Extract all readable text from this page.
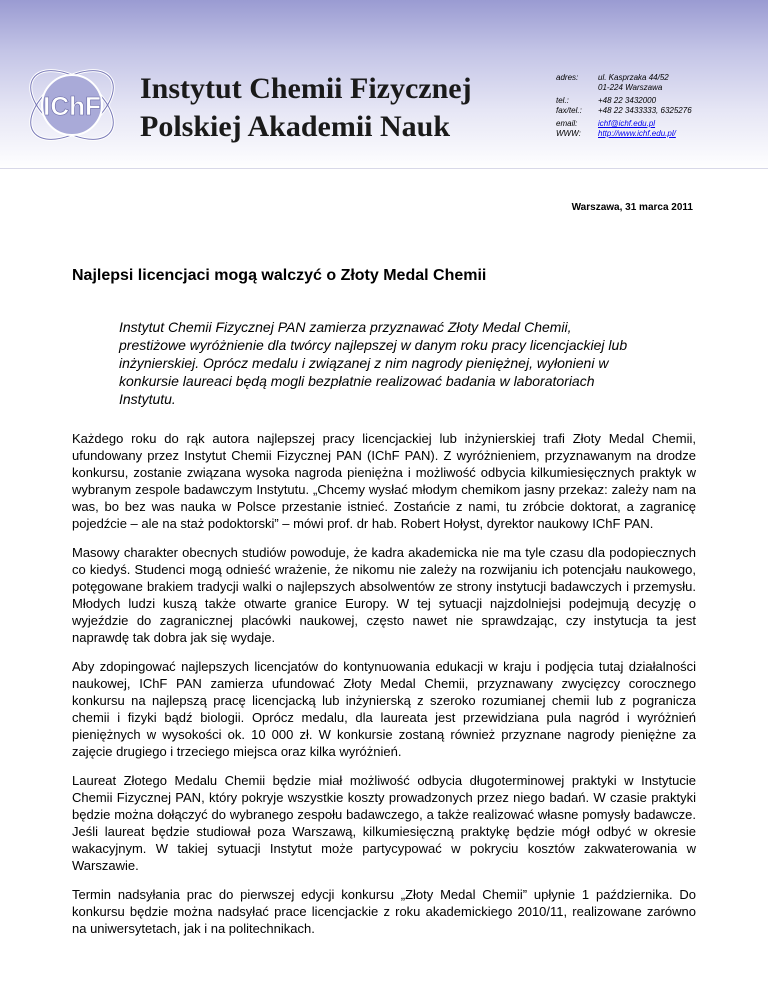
IChF
Instytut Chemii Fizycznej
Polskiej Akademii Nauk
adres:	ul. Kasprzaka 44/52
01-224 Warszawa
tel.:	+48 22 3432000
fax/tel.:	+48 22 3433333, 6325276
email:	ichf@ichf.edu.pl
WWW:	http://www.ichf.edu.pl/
Warszawa, 31 marca 2011
Najlepsi licencjaci mogą walczyć o Złoty Medal Chemii

Instytut Chemii Fizycznej PAN zamierza przyznawać Złoty Medal Chemii, prestiżowe wyróżnienie dla twórcy najlepszej w danym roku pracy licencjackiej lub inżynierskiej. Oprócz medalu i związanej z nim nagrody pieniężnej, wyłonieni w konkursie laureaci będą mogli bezpłatnie realizować badania w laboratoriach Instytutu.

Każdego roku do rąk autora najlepszej pracy licencjackiej lub inżynierskiej trafi Złoty Medal Chemii, ufundowany przez Instytut Chemii Fizycznej PAN (IChF PAN). Z wyróżnieniem, przyznawanym na drodze konkursu, zostanie związana wysoka nagroda pieniężna i możliwość odbycia kilkumiesięcznych praktyk w wybranym zespole badawczym Instytutu. „Chcemy wysłać młodym chemikom jasny przekaz: zależy nam na was, bo bez was nauka w Polsce przestanie istnieć. Zostańcie z nami, tu zróbcie doktorat, a zagranicę pojedźcie – ale na staż podoktorski” – mówi prof. dr hab. Robert Hołyst, dyrektor naukowy IChF PAN.

Masowy charakter obecnych studiów powoduje, że kadra akademicka nie ma tyle czasu dla podopiecznych co kiedyś. Studenci mogą odnieść wrażenie, że nikomu nie zależy na rozwijaniu ich potencjału naukowego, potęgowane brakiem tradycji walki o najlepszych absolwentów ze strony instytucji badawczych i przemysłu. Młodych ludzi kuszą także otwarte granice Europy. W tej sytuacji najzdolniejsi podejmują decyzję o wyjeździe do zagranicznej placówki naukowej, często nawet nie sprawdzając, czy instytucja ta jest naprawdę tak dobra jak się wydaje.

Aby zdopingować najlepszych licencjatów do kontynuowania edukacji w kraju i podjęcia tutaj działalności naukowej, IChF PAN zamierza ufundować Złoty Medal Chemii, przyznawany zwycięzcy corocznego konkursu na najlepszą pracę licencjacką lub inżynierską z szeroko rozumianej chemii lub z pogranicza chemii i fizyki bądź biologii. Oprócz medalu, dla laureata jest przewidziana pula nagród i wyróżnień pieniężnych w wysokości ok. 10 000 zł. W konkursie zostaną również przyznane nagrody pieniężne za zajęcie drugiego i trzeciego miejsca oraz kilka wyróżnień.

Laureat Złotego Medalu Chemii będzie miał możliwość odbycia długoterminowej praktyki w Instytucie Chemii Fizycznej PAN, który pokryje wszystkie koszty prowadzonych przez niego badań. W czasie praktyki będzie można dołączyć do wybranego zespołu badawczego, a także realizować własne pomysły badawcze. Jeśli laureat będzie studiował poza Warszawą, kilkumiesięczną praktykę będzie mógł odbyć w okresie wakacyjnym. W takiej sytuacji Instytut może partycypować w pokryciu kosztów zakwaterowania w Warszawie.

Termin nadsyłania prac do pierwszej edycji konkursu „Złoty Medal Chemii” upłynie 1 października. Do konkursu będzie można nadsyłać prace licencjackie z roku akademickiego 2010/11, realizowane zarówno na uniwersytetach, jak i na politechnikach.
